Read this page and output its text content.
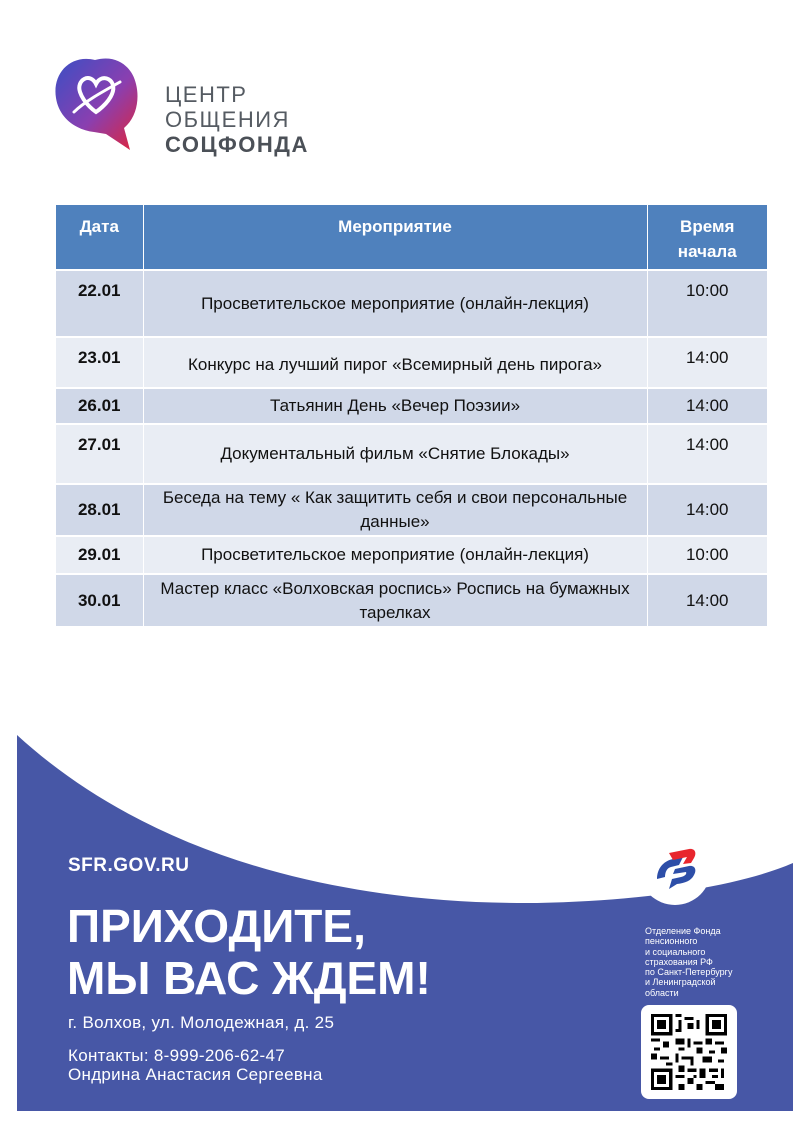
ЦЕНТР
ОБЩЕНИЯ
СОЦФОНДА
Дата	Мероприятие	Время начала
22.01	Просветительское мероприятие (онлайн-лекция)	10:00
23.01	Конкурс на лучший пирог «Всемирный день пирога»	14:00
26.01	Татьянин День «Вечер Поэзии»	14:00
27.01	Документальный фильм «Снятие Блокады»	14:00
28.01	Беседа на тему « Как защитить себя и свои персональные данные»	14:00
29.01	Просветительское мероприятие (онлайн-лекция)	10:00
30.01	Мастер класс «Волховская роспись» Роспись на бумажных тарелках	14:00
SFR.GOV.RU
ПРИХОДИТЕ,
МЫ ВАС ЖДЕМ!
г. Волхов, ул. Молодежная, д. 25
Контакты: 8-999-206-62-47
Ондрина Анастасия Сергеевна
Отделение Фонда
пенсионного
и социального
страхования РФ
по Санкт-Петербургу
и Ленинградской
области
